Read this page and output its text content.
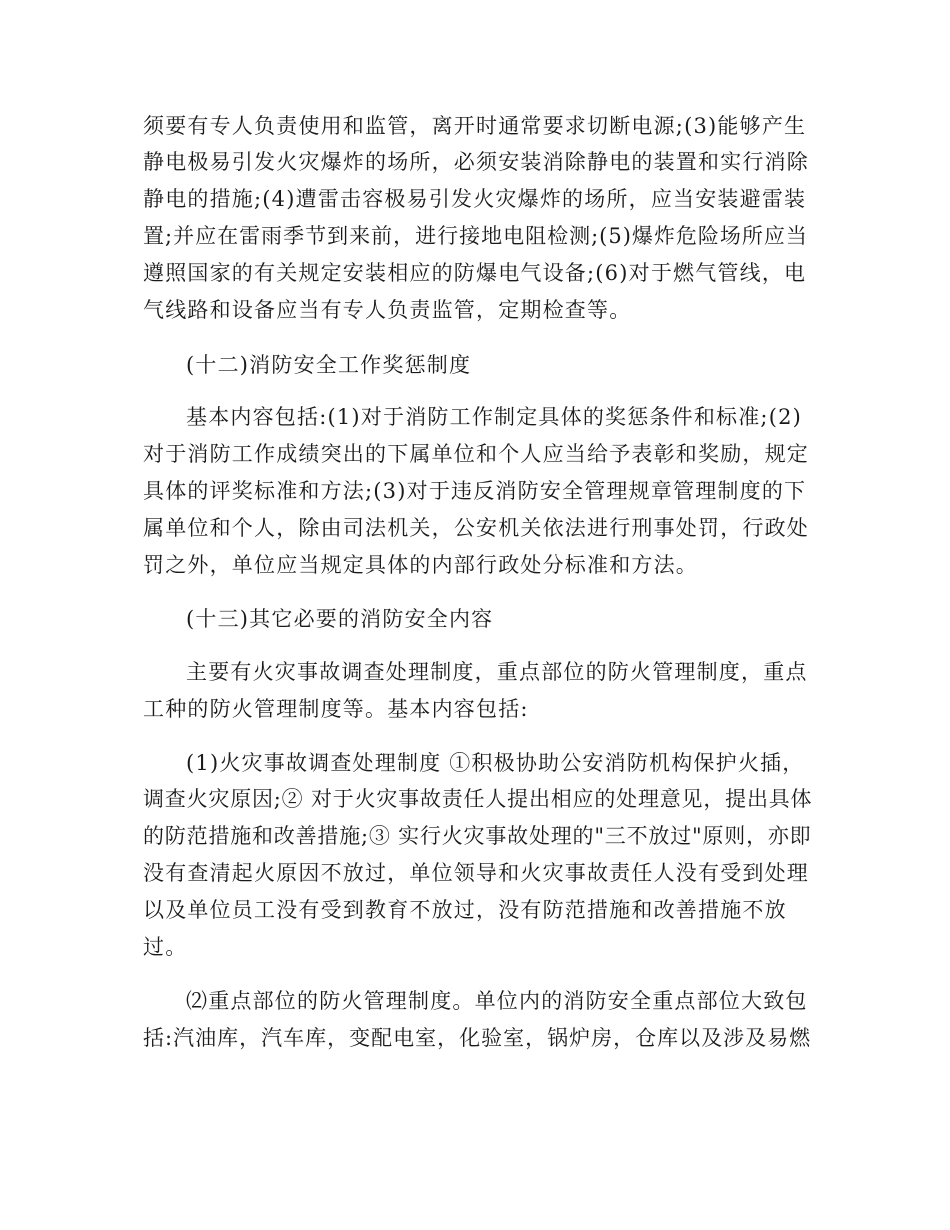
须要有专人负责使用和监管，离开时通常要求切断电源;(3)能够产生
静电极易引发火灾爆炸的场所，必须安装消除静电的装置和实行消除
静电的措施;(4)遭雷击容极易引发火灾爆炸的场所，应当安装避雷装
置;并应在雷雨季节到来前，进行接地电阻检测;(5)爆炸危险场所应当
遵照国家的有关规定安装相应的防爆电气设备;(6)对于燃气管线，电
气线路和设备应当有专人负责监管，定期检查等。
(十二)消防安全工作奖惩制度
基本内容包括:(1)对于消防工作制定具体的奖惩条件和标准;(2)
对于消防工作成绩突出的下属单位和个人应当给予表彰和奖励，规定
具体的评奖标准和方法;(3)对于违反消防安全管理规章管理制度的下
属单位和个人，除由司法机关，公安机关依法进行刑事处罚，行政处
罚之外，单位应当规定具体的内部行政处分标准和方法。
(十三)其它必要的消防安全内容
主要有火灾事故调查处理制度，重点部位的防火管理制度，重点
工种的防火管理制度等。基本内容包括:
(1)火灾事故调查处理制度 ①积极协助公安消防机构保护火插，
调查火灾原因;② 对于火灾事故责任人提出相应的处理意见，提出具体
的防范措施和改善措施;③ 实行火灾事故处理的"三不放过"原则，亦即
没有查清起火原因不放过，单位领导和火灾事故责任人没有受到处理
以及单位员工没有受到教育不放过，没有防范措施和改善措施不放
过。
⑵重点部位的防火管理制度。单位内的消防安全重点部位大致包
括:汽油库，汽车库，变配电室，化验室，锅炉房，仓库以及涉及易燃
